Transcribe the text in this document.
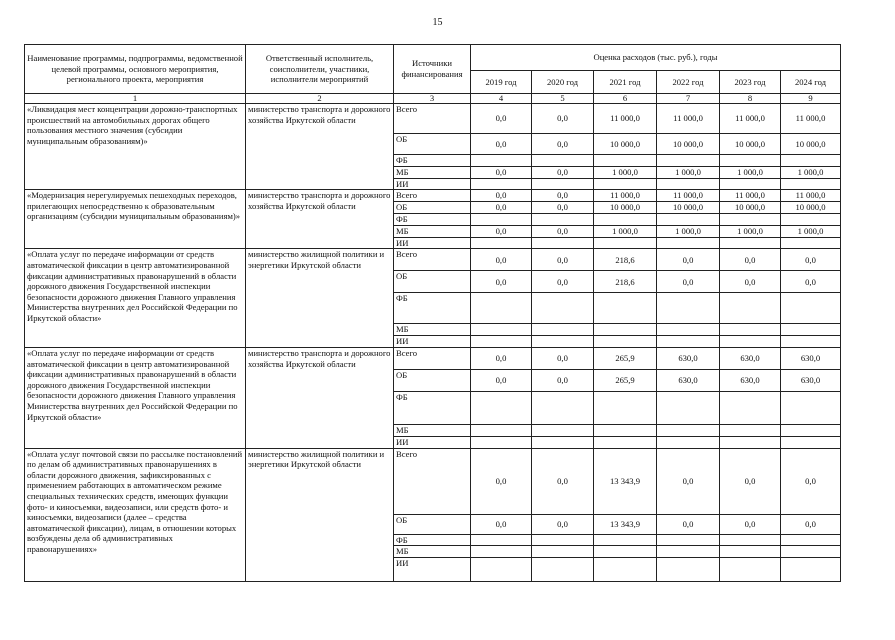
15
Наименование программы, подпрограммы, ведомственной целевой программы, основного мероприятия, регионального проекта, мероприятия	Ответственный исполнитель, соисполнители, участники, исполнители мероприятий	Источники финансирования	Оценка расходов (тыс. руб.), годы					
			2019 год	2020 год	2021 год	2022 год	2023 год	2024 год
1	2	3	4	5	6	7	8	9

«Ликвидация мест концентрации дорожно-транспортных происшествий на автомобильных дорогах общего пользования местного значения (субсидии муниципальным образованиям)»	министерство транспорта и дорожного хозяйства Иркутской области	Всего	0,0	0,0	11 000,0	11 000,0	11 000,0	11 000,0
		ОБ	0,0	0,0	10 000,0	10 000,0	10 000,0	10 000,0
		ФБ						
		МБ	0,0	0,0	1 000,0	1 000,0	1 000,0	1 000,0
		ИИ						

«Модернизация нерегулируемых пешеходных переходов, прилегающих непосредственно к образовательным организациям (субсидии муниципальным образованиям)»	министерство транспорта и дорожного хозяйства Иркутской области	Всего	0,0	0,0	11 000,0	11 000,0	11 000,0	11 000,0
		ОБ	0,0	0,0	10 000,0	10 000,0	10 000,0	10 000,0
		ФБ						
		МБ	0,0	0,0	1 000,0	1 000,0	1 000,0	1 000,0
		ИИ						

«Оплата услуг по передаче информации от средств автоматической фиксации в центр автоматизированной фиксации административных правонарушений в области дорожного движения Государственной инспекции безопасности дорожного движения Главного управления Министерства внутренних дел Российской Федерации по Иркутской области»	министерство жилищной политики и энергетики Иркутской области	Всего	0,0	0,0	218,6	0,0	0,0	0,0
		ОБ	0,0	0,0	218,6	0,0	0,0	0,0
		ФБ						
		МБ						
		ИИ						

«Оплата услуг по передаче информации от средств автоматической фиксации в центр автоматизированной фиксации административных правонарушений в области дорожного движения Государственной инспекции безопасности дорожного движения Главного управления Министерства внутренних дел Российской Федерации по Иркутской области»	министерство транспорта и дорожного хозяйства Иркутской области	Всего	0,0	0,0	265,9	630,0	630,0	630,0
		ОБ	0,0	0,0	265,9	630,0	630,0	630,0
		ФБ						
		МБ						
		ИИ						

«Оплата услуг почтовой связи по рассылке постановлений по делам об административных правонарушениях в области дорожного движения, зафиксированных с применением работающих в автоматическом режиме специальных технических средств, имеющих функции фото- и киносъемки, видеозаписи, или средств фото- и киносъемки, видеозаписи (далее – средства автоматической фиксации), лицам, в отношении которых возбуждены дела об административных правонарушениях»	министерство жилищной политики и энергетики Иркутской области	Всего	0,0	0,0	13 343,9	0,0	0,0	0,0
		ОБ	0,0	0,0	13 343,9	0,0	0,0	0,0
		ФБ						
		МБ						
		ИИ						
